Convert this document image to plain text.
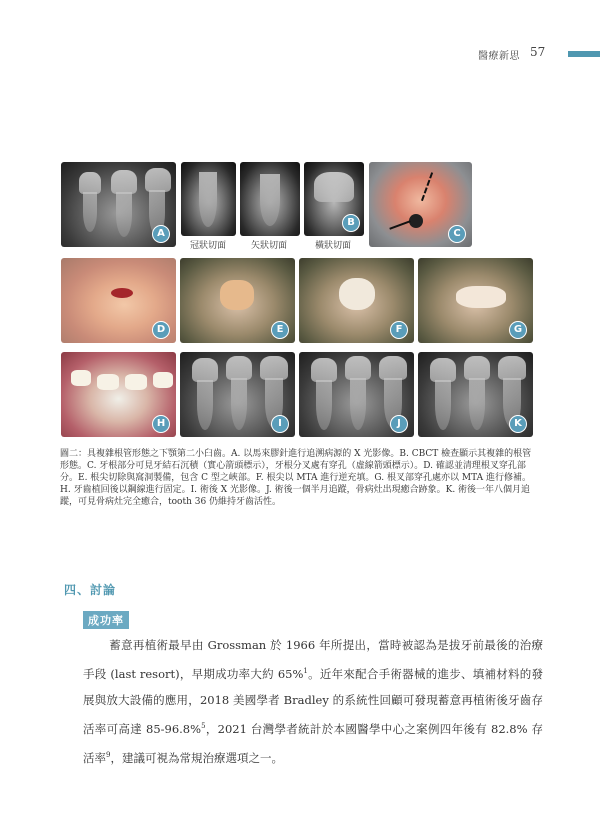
醫療新思 57
A
B
冠狀切面	矢狀切面	橫狀切面
C
D	E	F	G
H	I	J	K
圖二：具複雜根管形態之下顎第二小臼齒。A. 以馬來膠針進行追溯病源的 X 光影像。B. CBCT 檢查顯示其複雜的根管形態。C. 牙根部分可見牙結石沉積（實心箭頭標示），牙根分叉處有穿孔（虛線箭頭標示）。D. 確認並清理根叉穿孔部分。E. 根尖切除與窩洞製備，包含 C 型之峽部。F. 根尖以 MTA 進行逆充填。G. 根叉部穿孔處亦以 MTA 進行修補。H. 牙齒植回後以鋼線進行固定。I. 術後 X 光影像。J. 術後一個半月追蹤，骨病灶出現癒合跡象。K. 術後一年八個月追蹤，可見骨病灶完全癒合，tooth 36 仍維持牙齒活性。
四、討論
成功率
蓄意再植術最早由 Grossman 於 1966 年所提出，當時被認為是拔牙前最後的治療手段 (last resort)，早期成功率大約 65%$^1$。近年來配合手術器械的進步、填補材料的發展與放大設備的應用，2018 美國學者 Bradley 的系統性回顧可發現蓄意再植術後牙齒存活率可高達 85-96.8%$^5$，2021 台灣學者統計於本國醫學中心之案例四年後有 82.8% 存活率$^9$，建議可視為常規治療選項之一。
